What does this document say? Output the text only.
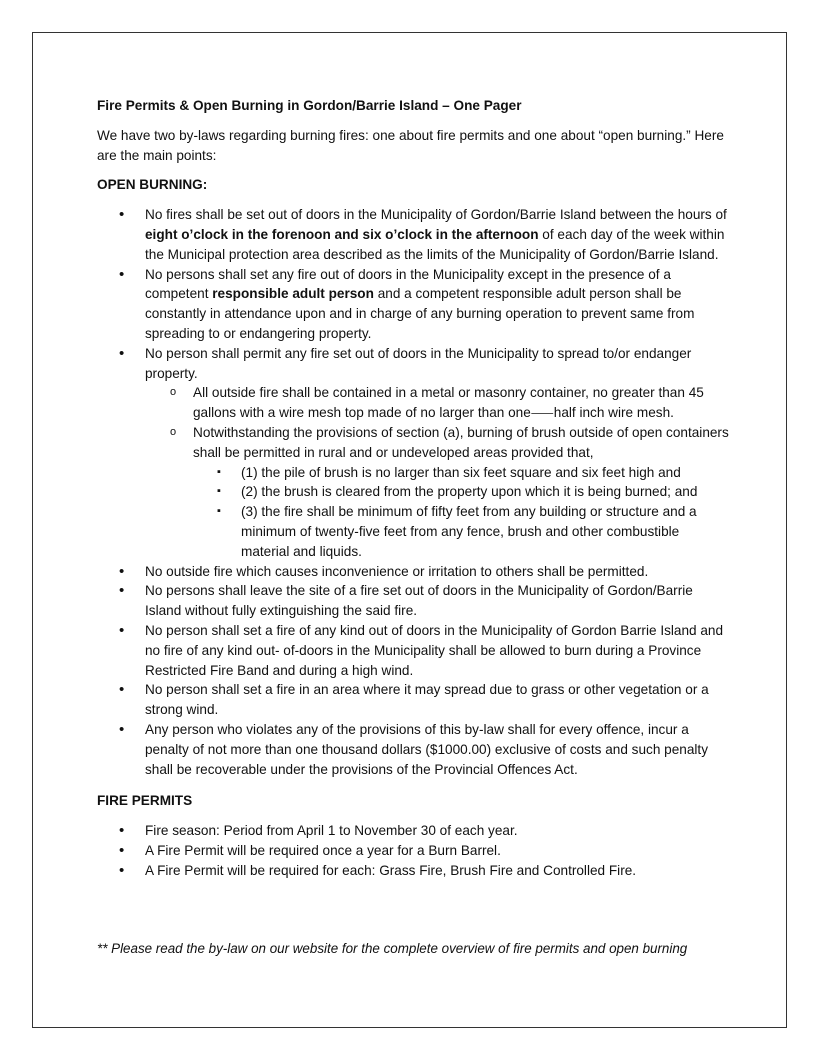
Fire Permits & Open Burning in Gordon/Barrie Island – One Pager

We have two by-laws regarding burning fires: one about fire permits and one about “open burning.” Here are the main points:

OPEN BURNING:

• No fires shall be set out of doors in the Municipality of Gordon/Barrie Island between the hours of eight o’clock in the forenoon and six o’clock in the afternoon of each day of the week within the Municipal protection area described as the limits of the Municipality of Gordon/Barrie Island.
• No persons shall set any fire out of doors in the Municipality except in the presence of a competent responsible adult person and a competent responsible adult person shall be constantly in attendance upon and in charge of any burning operation to prevent same from spreading to or endangering property.
• No person shall permit any fire set out of doors in the Municipality to spread to/or endanger property.
o All outside fire shall be contained in a metal or masonry container, no greater than 45 gallons with a wire mesh top made of no larger than one⸺half inch wire mesh.
o Notwithstanding the provisions of section (a), burning of brush outside of open containers shall be permitted in rural and or undeveloped areas provided that,
▪ (1) the pile of brush is no larger than six feet square and six feet high and
▪ (2) the brush is cleared from the property upon which it is being burned; and
▪ (3) the fire shall be minimum of fifty feet from any building or structure and a minimum of twenty-five feet from any fence, brush and other combustible material and liquids.
• No outside fire which causes inconvenience or irritation to others shall be permitted.
• No persons shall leave the site of a fire set out of doors in the Municipality of Gordon/Barrie Island without fully extinguishing the said fire.
• No person shall set a fire of any kind out of doors in the Municipality of Gordon Barrie Island and no fire of any kind out- of-doors in the Municipality shall be allowed to burn during a Province Restricted Fire Band and during a high wind.
• No person shall set a fire in an area where it may spread due to grass or other vegetation or a strong wind.
• Any person who violates any of the provisions of this by-law shall for every offence, incur a penalty of not more than one thousand dollars ($1000.00) exclusive of costs and such penalty shall be recoverable under the provisions of the Provincial Offences Act.

FIRE PERMITS

• Fire season: Period from April 1 to November 30 of each year.
• A Fire Permit will be required once a year for a Burn Barrel.
• A Fire Permit will be required for each: Grass Fire, Brush Fire and Controlled Fire.
** Please read the by-law on our website for the complete overview of fire permits and open burning
